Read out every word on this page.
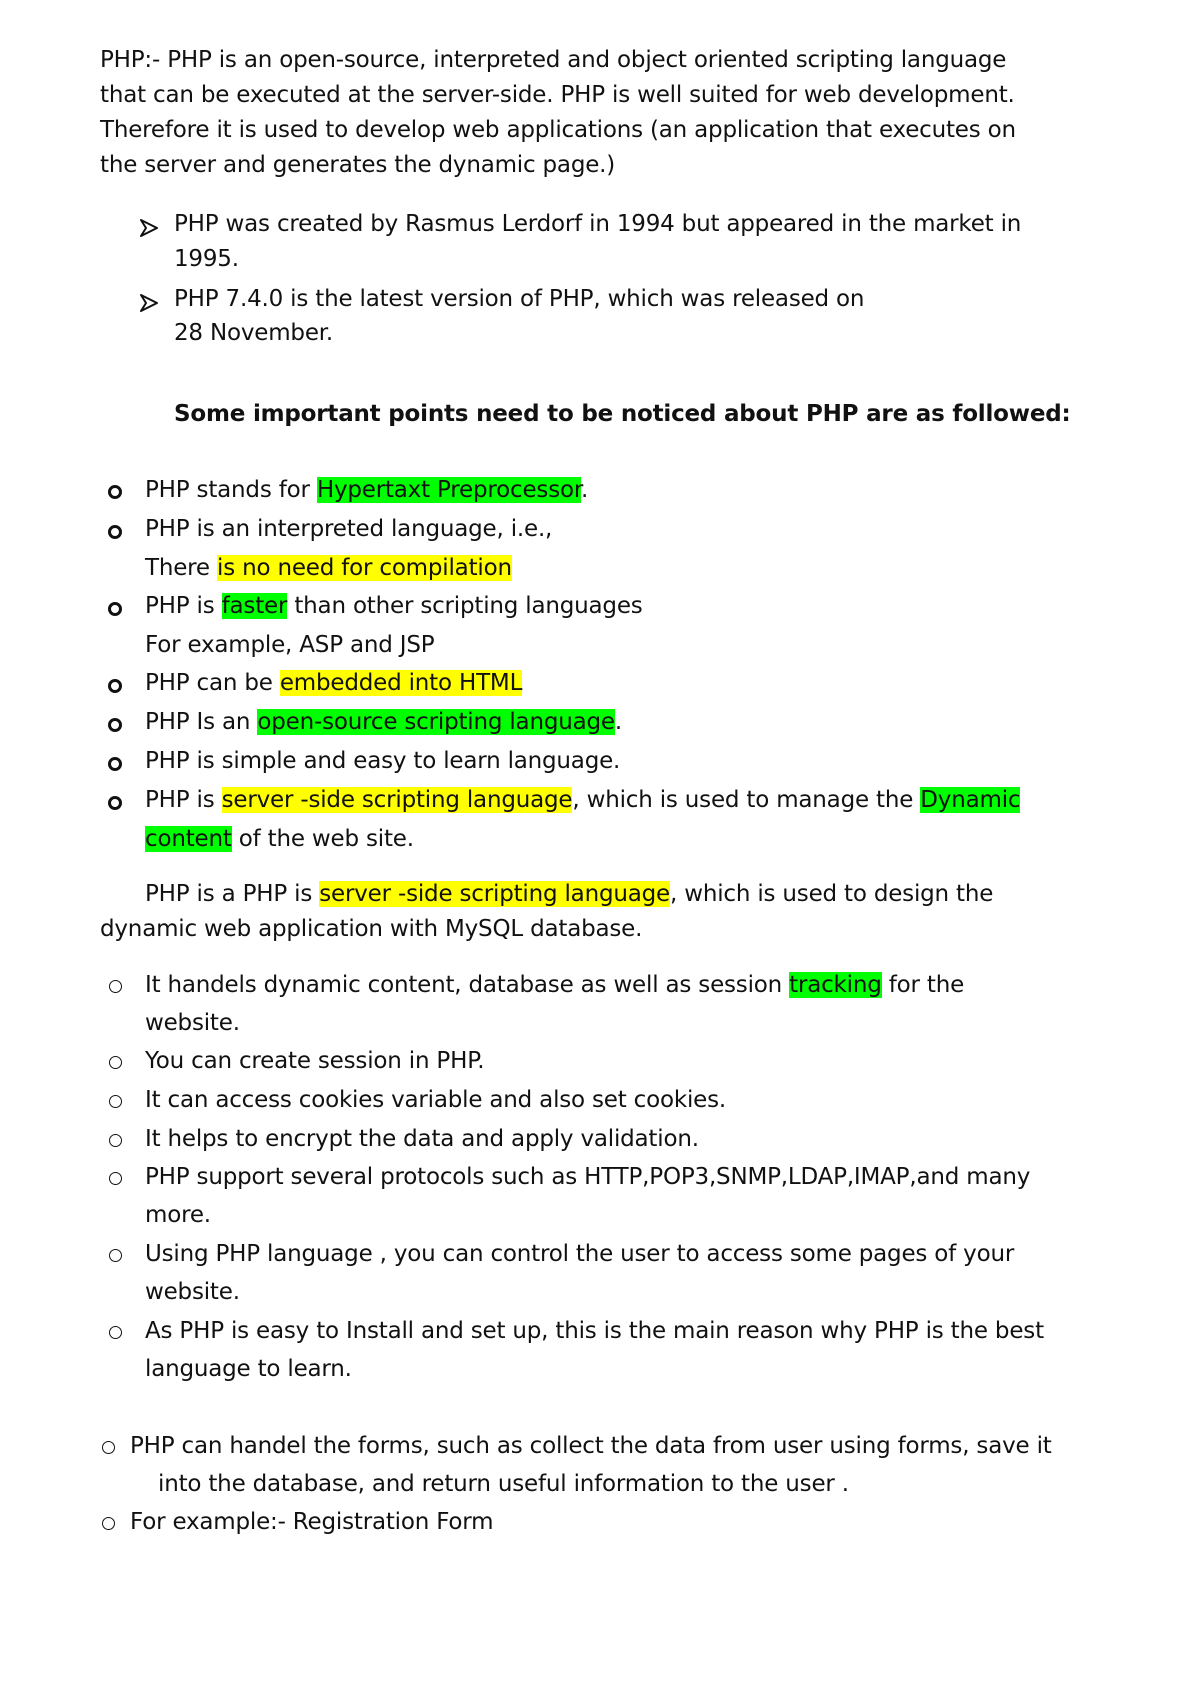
PHP:- PHP is an open-source, interpreted and object oriented scripting language
that can be executed at the server-side. PHP is well suited for web development.
Therefore it is used to develop web applications (an application that executes on
the server and generates the dynamic page.)
PHP was created by Rasmus Lerdorf in 1994 but appeared in the market in
1995.
PHP 7.4.0 is the latest version of PHP, which was released on
28 November.
Some important points need to be noticed about PHP are as followed:
PHP stands for Hypertaxt Preprocessor.
PHP is an interpreted language, i.e.,
There is no need for compilation
PHP is faster than other scripting languages
For example, ASP and JSP
PHP can be embedded into HTML
PHP Is an open-source scripting language.
PHP is simple and easy to learn language.
PHP is server -side scripting language, which is used to manage the Dynamic
content of the web site.
PHP is a PHP is server -side scripting language, which is used to design the
dynamic web application with MySQL database.
It handels dynamic content, database as well as session tracking for the
website.
You can create session in PHP.
It can access cookies variable and also set cookies.
It helps to encrypt the data and apply validation.
PHP support several protocols such as HTTP,POP3,SNMP,LDAP,IMAP,and many
more.
Using PHP language , you can control the user to access some pages of your
website.
As PHP is easy to Install and set up, this is the main reason why PHP is the best
language to learn.
PHP can handel the forms, such as collect the data from user using forms, save it
into the database, and return useful information to the user .
For example:- Registration Form
